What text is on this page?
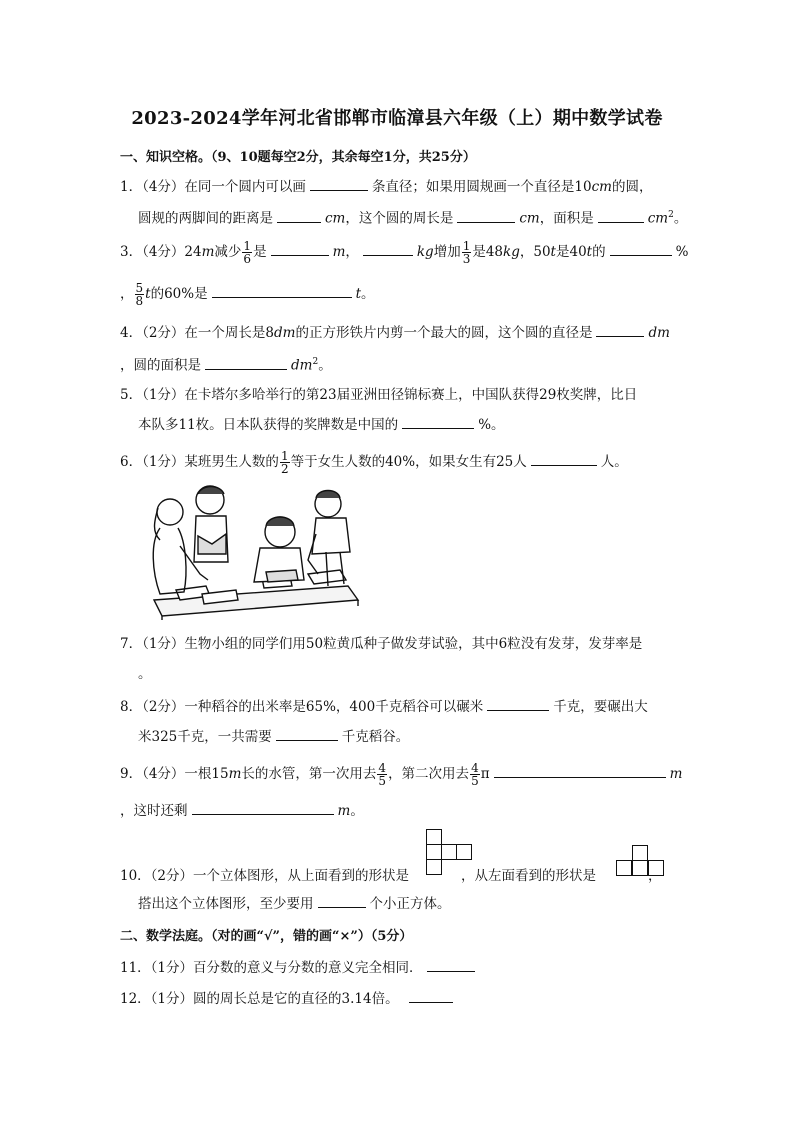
2023-2024学年河北省邯郸市临漳县六年级（上）期中数学试卷
一、知识空格。（9、10题每空2分，其余每空1分，共25分）
1．（4分）在同一个圆内可以画	条直径；如果用圆规画一个直径是10cm的圆，
圆规的两脚间的距离是	cm，这个圆的周长是	cm，面积是	$cm^2$。
3．（4分）24m减少 $\frac{1}{6}$ 是	m，	kg增加 $\frac{1}{3}$ 是48kg，50t是40t的	%
， $\frac{5}{8}$ t的60%是	t。
4．（2分）在一个周长是8dm的正方形铁片内剪一个最大的圆，这个圆的直径是	dm
，圆的面积是	$dm^2$。
5．（1分）在卡塔尔多哈举行的第23届亚洲田径锦标赛上，中国队获得29枚奖牌，比日
本队多11枚。日本队获得的奖牌数是中国的	%。
6．（1分）某班男生人数的 $\frac{1}{2}$ 等于女生人数的40%，如果女生有25人	人。
7．（1分）生物小组的同学们用50粒黄瓜种子做发芽试验，其中6粒没有发芽，发芽率是
。
8．（2分）一种稻谷的出米率是65%，400千克稻谷可以碾米	千克，要碾出大
米325千克，一共需要	千克稻谷。
9．（4分）一根15m长的水管，第一次用去 $\frac{4}{5}$ ，第二次用去 $\frac{4}{5}$ π	m
，这时还剩	m。
10．（2分）一个立体图形，从上面看到的形状是	，从左面看到的形状是	，
搭出这个立体图形，至少要用	个小正方体。
二、数学法庭。（对的画“√”，错的画“×”）（5分）
11．（1分）百分数的意义与分数的意义完全相同．
12．（1分）圆的周长总是它的直径的3.14倍。
